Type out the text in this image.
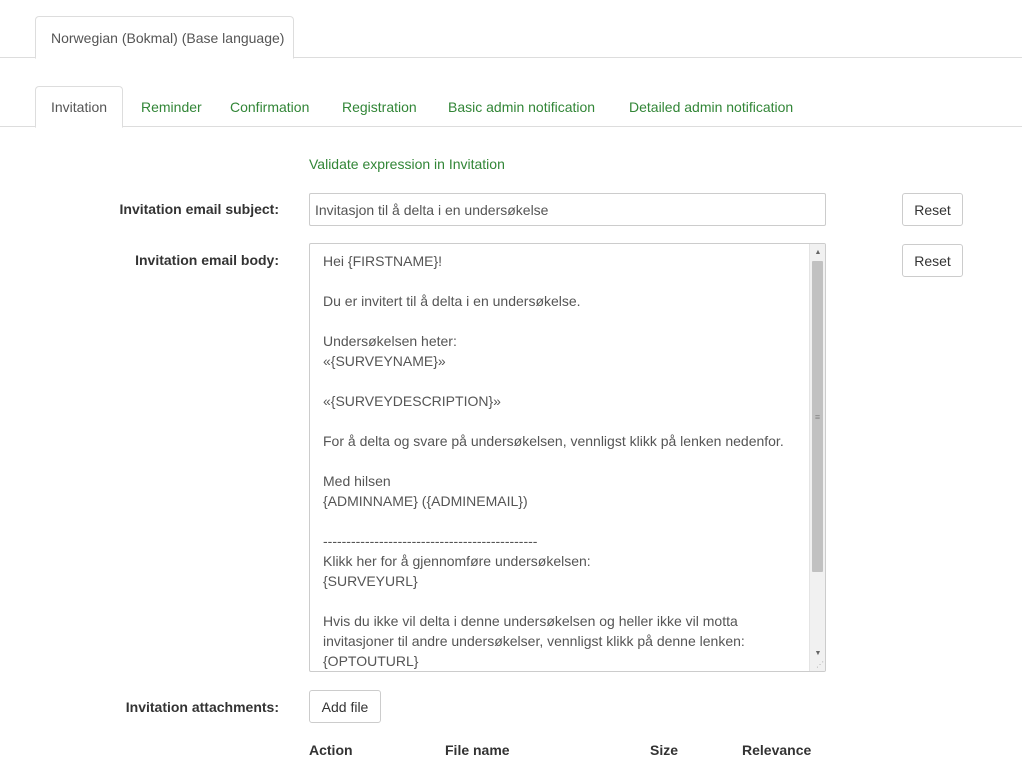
Norwegian (Bokmal) (Base language)
Invitation Reminder Confirmation Registration Basic admin notification Detailed admin notification
Validate expression in Invitation
Invitation email subject:	Invitasjon til å delta i en undersøkelse	Reset
Invitation email body:	Hei {FIRSTNAME}!
Du er invitert til å delta i en undersøkelse.
Undersøkelsen heter:
«{SURVEYNAME}»
«{SURVEYDESCRIPTION}»
For å delta og svare på undersøkelsen, vennligst klikk på lenken nedenfor.
Med hilsen
{ADMINNAME} ({ADMINEMAIL})
----------------------------------------------
Klikk her for å gjennomføre undersøkelsen:
{SURVEYURL}
Hvis du ikke vil delta i denne undersøkelsen og heller ikke vil motta
invitasjoner til andre undersøkelser, vennligst klikk på denne lenken:
{OPTOUTURL}
▲
≡
▼
⋰
Reset
Invitation attachments:	Add file
Action	File name	Size	Relevance
